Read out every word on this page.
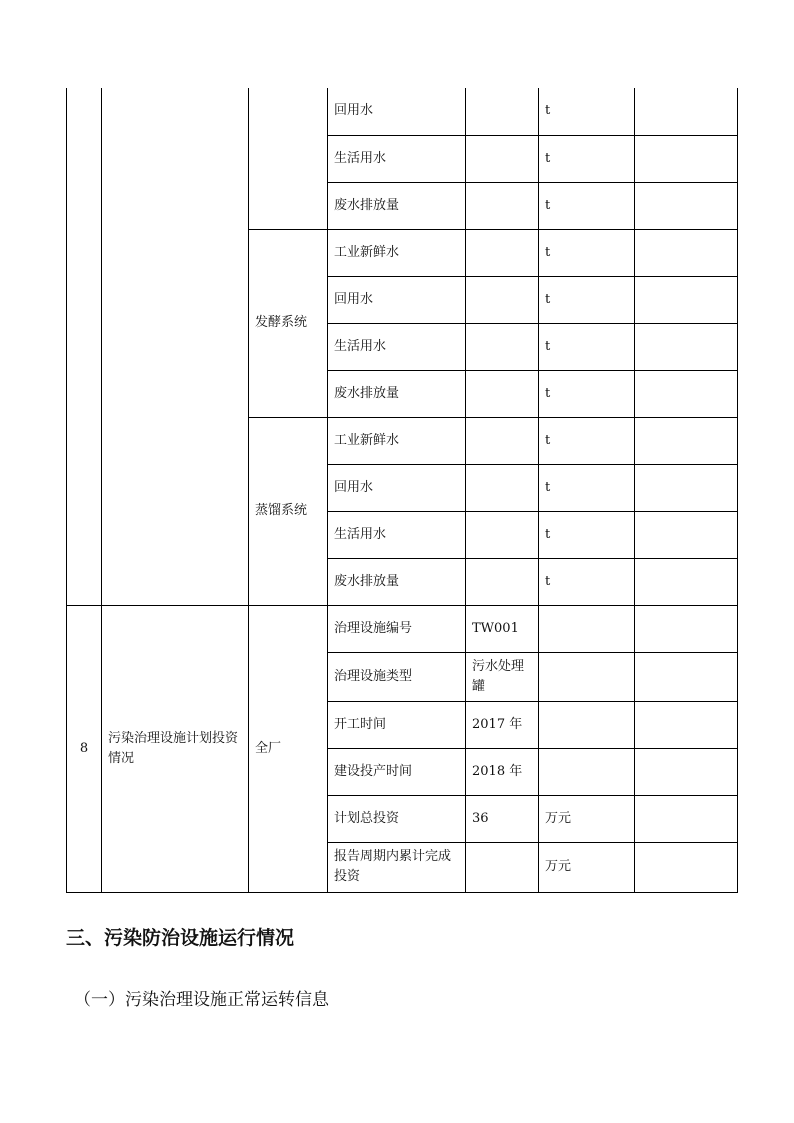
			回用水		t	
			生活用水		t	
			废水排放量		t	
		发酵系统	工业新鲜水		t	
			回用水		t	
			生活用水		t	
			废水排放量		t	
		蒸馏系统	工业新鲜水		t	
			回用水		t	
			生活用水		t	
			废水排放量		t	
8	污染治理设施计划投资情况	全厂	治理设施编号	TW001		
			治理设施类型	污水处理罐		
			开工时间	2017 年		
			建设投产时间	2018 年		
			计划总投资	36	万元	
			报告周期内累计完成投资		万元	
三、污染防治设施运行情况

（一）污染治理设施正常运转信息
